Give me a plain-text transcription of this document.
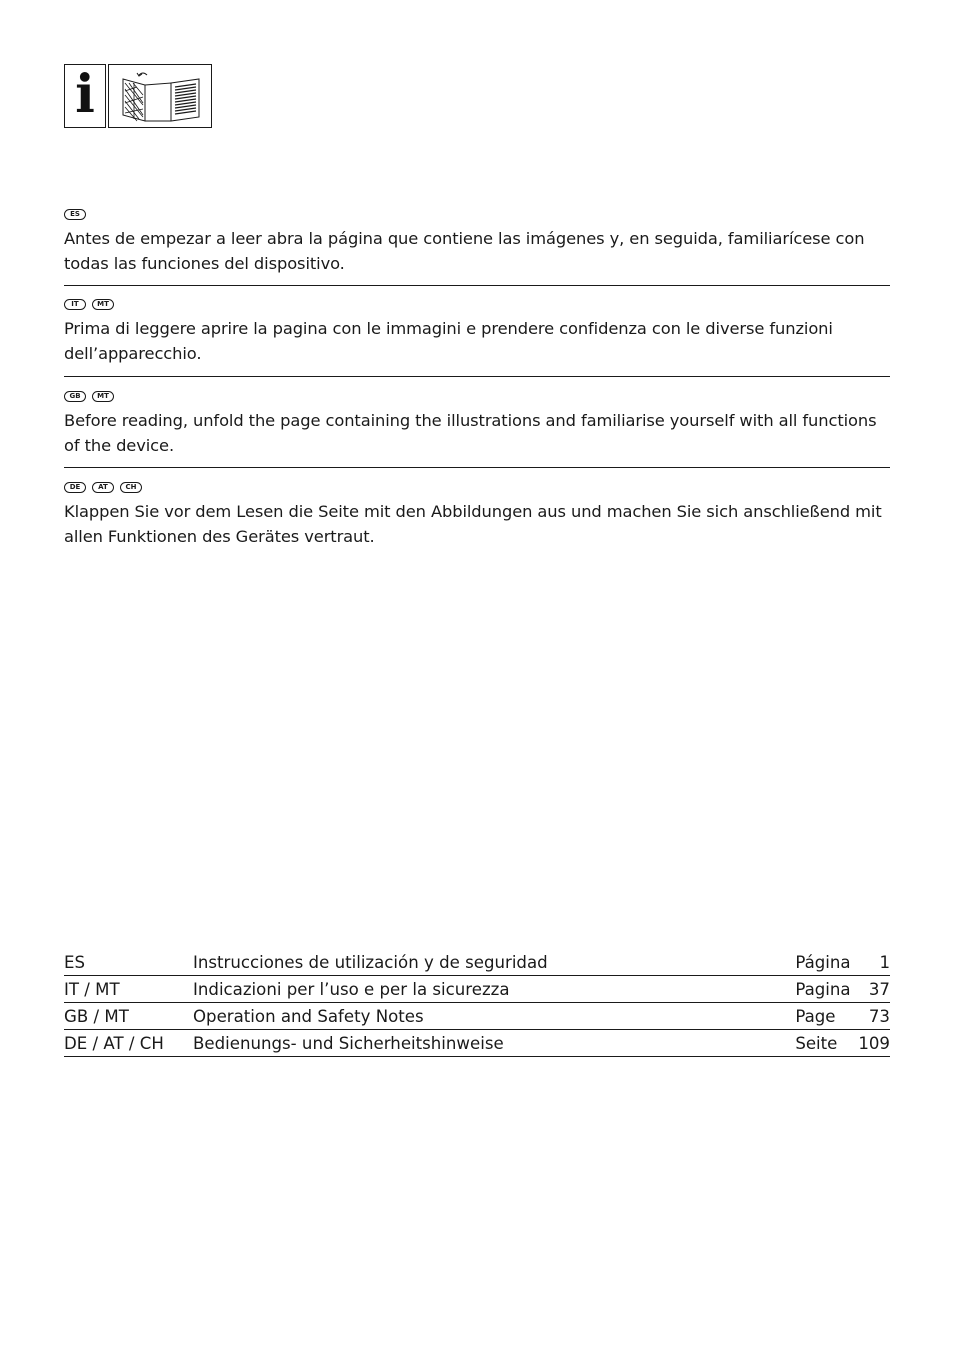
i
ES

Antes de empezar a leer abra la página que contiene las imágenes y, en seguida, familiarícese con todas las funciones del dispositivo.

IT	MT

Prima di leggere aprire la pagina con le immagini e prendere confidenza con le diverse funzioni dell’apparecchio.

GB	MT

Before reading, unfold the page containing the illustrations and familiarise yourself with all functions of the device.

DE	AT	CH

Klappen Sie vor dem Lesen die Seite mit den Abbildungen aus und machen Sie sich anschließend mit allen Funktionen des Gerätes vertraut.

ES	Instrucciones de utilización y de seguridad	Página	1
IT / MT	Indicazioni per l’uso e per la sicurezza	Pagina	37
GB / MT	Operation and Safety Notes	Page	73
DE / AT / CH	Bedienungs- und Sicherheitshinweise	Seite	109
